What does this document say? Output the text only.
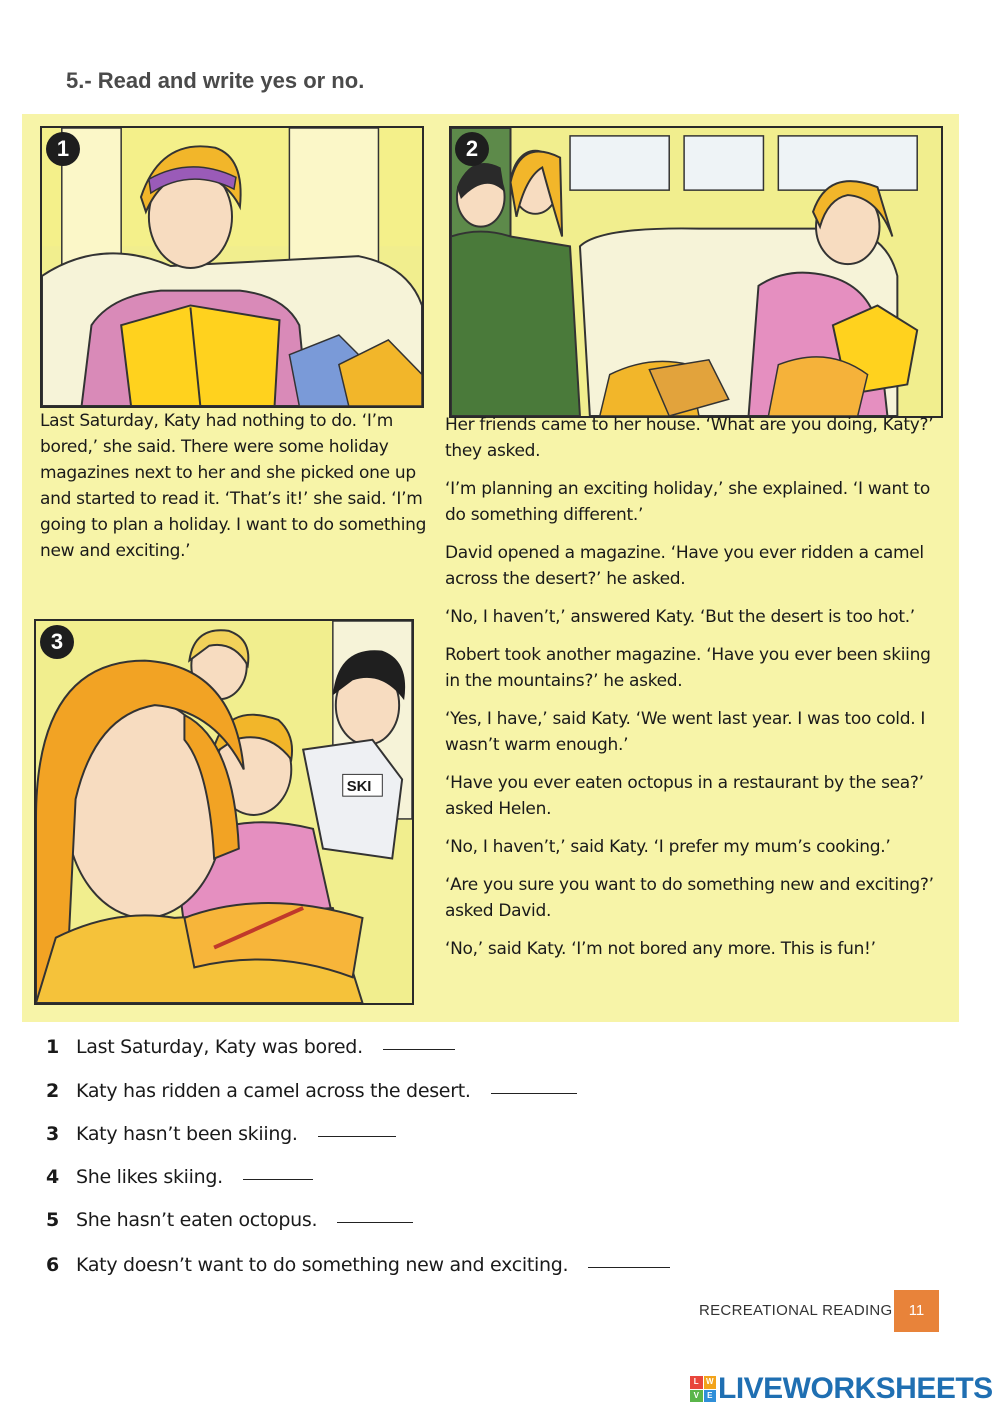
5.- Read and write yes or no.
1	2
SKI
3
Last Saturday, Katy had nothing to do. ‘I’m bored,’ she said. There were some holiday magazines next to her and she picked one up and started to read it. ‘That’s it!’ she said. ‘I’m going to plan a holiday. I want to do something new and exciting.’

Her friends came to her house. ‘What are you doing, Katy?’ they asked.

‘I’m planning an exciting holiday,’ she explained. ‘I want to do something different.’

David opened a magazine. ‘Have you ever ridden a camel across the desert?’ he asked.

‘No, I haven’t,’ answered Katy. ‘But the desert is too hot.’

Robert took another magazine. ‘Have you ever been skiing in the mountains?’ he asked.

‘Yes, I have,’ said Katy. ‘We went last year. I was too cold. I wasn’t warm enough.’

‘Have you ever eaten octopus in a restaurant by the sea?’ asked Helen.

‘No, I haven’t,’ said Katy. ‘I prefer my mum’s cooking.’

‘Are you sure you want to do something new and exciting?’ asked David.

‘No,’ said Katy. ‘I’m not bored any more. This is fun!’

1 Last Saturday, Katy was bored.
2 Katy has ridden a camel across the desert.
3 Katy hasn’t been skiing.
4 She likes skiing.
5 She hasn’t eaten octopus.
6 Katy doesn’t want to do something new and exciting.
RECREATIONAL READING	11
L W
V	E LIVEWORKSHEETS
